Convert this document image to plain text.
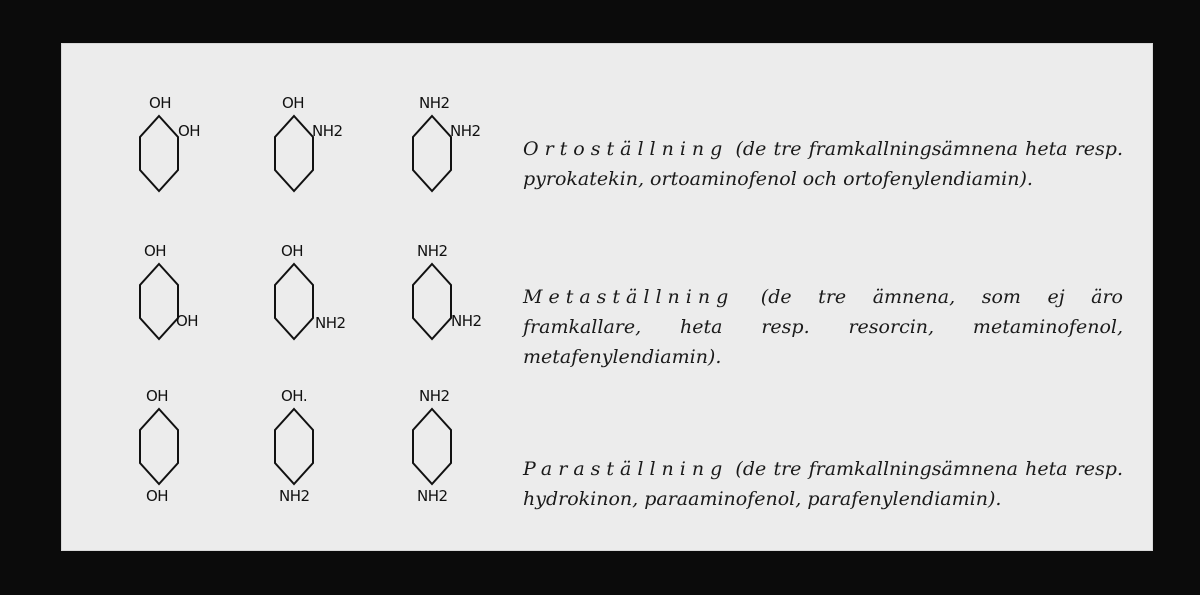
OH
OH
OH
NH2
NH2
NH2
Ortoställning (de tre framkallningsämnena heta resp. pyrokatekin, ortoaminofenol och ortofenylendiamin).
OH
OH
OH
NH2
NH2
NH2
Metaställning (de tre ämnena, som ej äro framkallare, heta resp. resorcin, metaminofenol, metafenylendiamin).
OH
OH
OH.
NH2
NH2
NH2
Paraställning (de tre framkallningsämnena heta resp. hydrokinon, paraaminofenol, parafenylendiamin).
